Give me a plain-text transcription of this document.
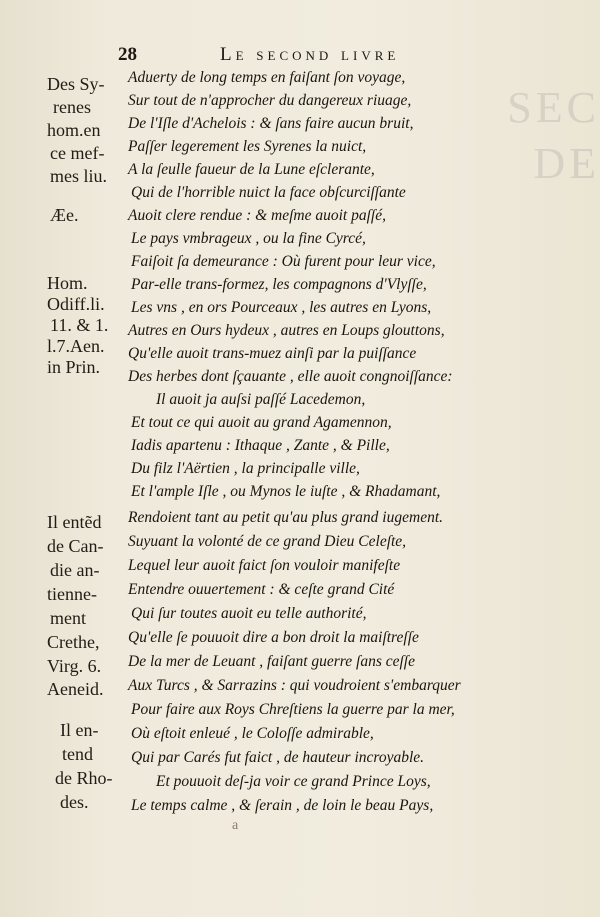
SEC
DE

28	Le second livre
Des Sy-
renes
hom.en
ce mef-
mes liu.
Æe.
Hom.
Odiff.li.
11. & 1.
l.7.Aen.
in Prin.
Il entẽd
de Can-
die an-
tienne-
ment
Crethe,
Virg. 6.
Aeneid.
Il en-
tend
de Rho-
des.
Aduerty de long temps en faiſant ſon voyage,
Sur tout de n'approcher du dangereux riuage,
De l'Iſle d'Achelois : & ſans faire aucun bruit,
Paſſer legerement les Syrenes la nuict,
A la ſeulle faueur de la Lune eſclerante,
Qui de l'horrible nuict la face obſcurciſſante
Auoit clere rendue : & meſme auoit paſſé,
Le pays vmbrageux , ou la fine Cyrcé,
Faiſoit ſa demeurance : Où furent pour leur vice,
Par-elle trans-formez, les compagnons d'Vlyſſe,
Les vns , en ors Pourceaux , les autres en Lyons,
Autres en Ours hydeux , autres en Loups glouttons,
Qu'elle auoit trans-muez ainſi par la puiſſance
Des herbes dont ſçauante , elle auoit congnoiſſance:
Il auoit ja auſsi paſſé Lacedemon,
Et tout ce qui auoit au grand Agamennon,
Iadis apartenu : Ithaque , Zante , & Pille,
Du filz l'Aërtien , la principalle ville,
Et l'ample Iſle , ou Mynos le iuſte , & Rhadamant,
Rendoient tant au petit qu'au plus grand iugement.
Suyuant la volonté de ce grand Dieu Celeſte,
Lequel leur auoit faict ſon vouloir manifeſte
Entendre ouuertement : & ceſte grand Cité
Qui ſur toutes auoit eu telle authorité,
Qu'elle ſe pouuoit dire a bon droit la maiſtreſſe
De la mer de Leuant , faiſant guerre ſans ceſſe
Aux Turcs , & Sarrazins : qui voudroient s'embarquer
Pour faire aux Roys Chreſtiens la guerre par la mer,
Où eſtoit enleué , le Coloſſe admirable,
Qui par Carés fut faict , de hauteur incroyable.
Et pouuoit deſ-ja voir ce grand Prince Loys,
Le temps calme , & ſerain , de loin le beau Pays,
a
